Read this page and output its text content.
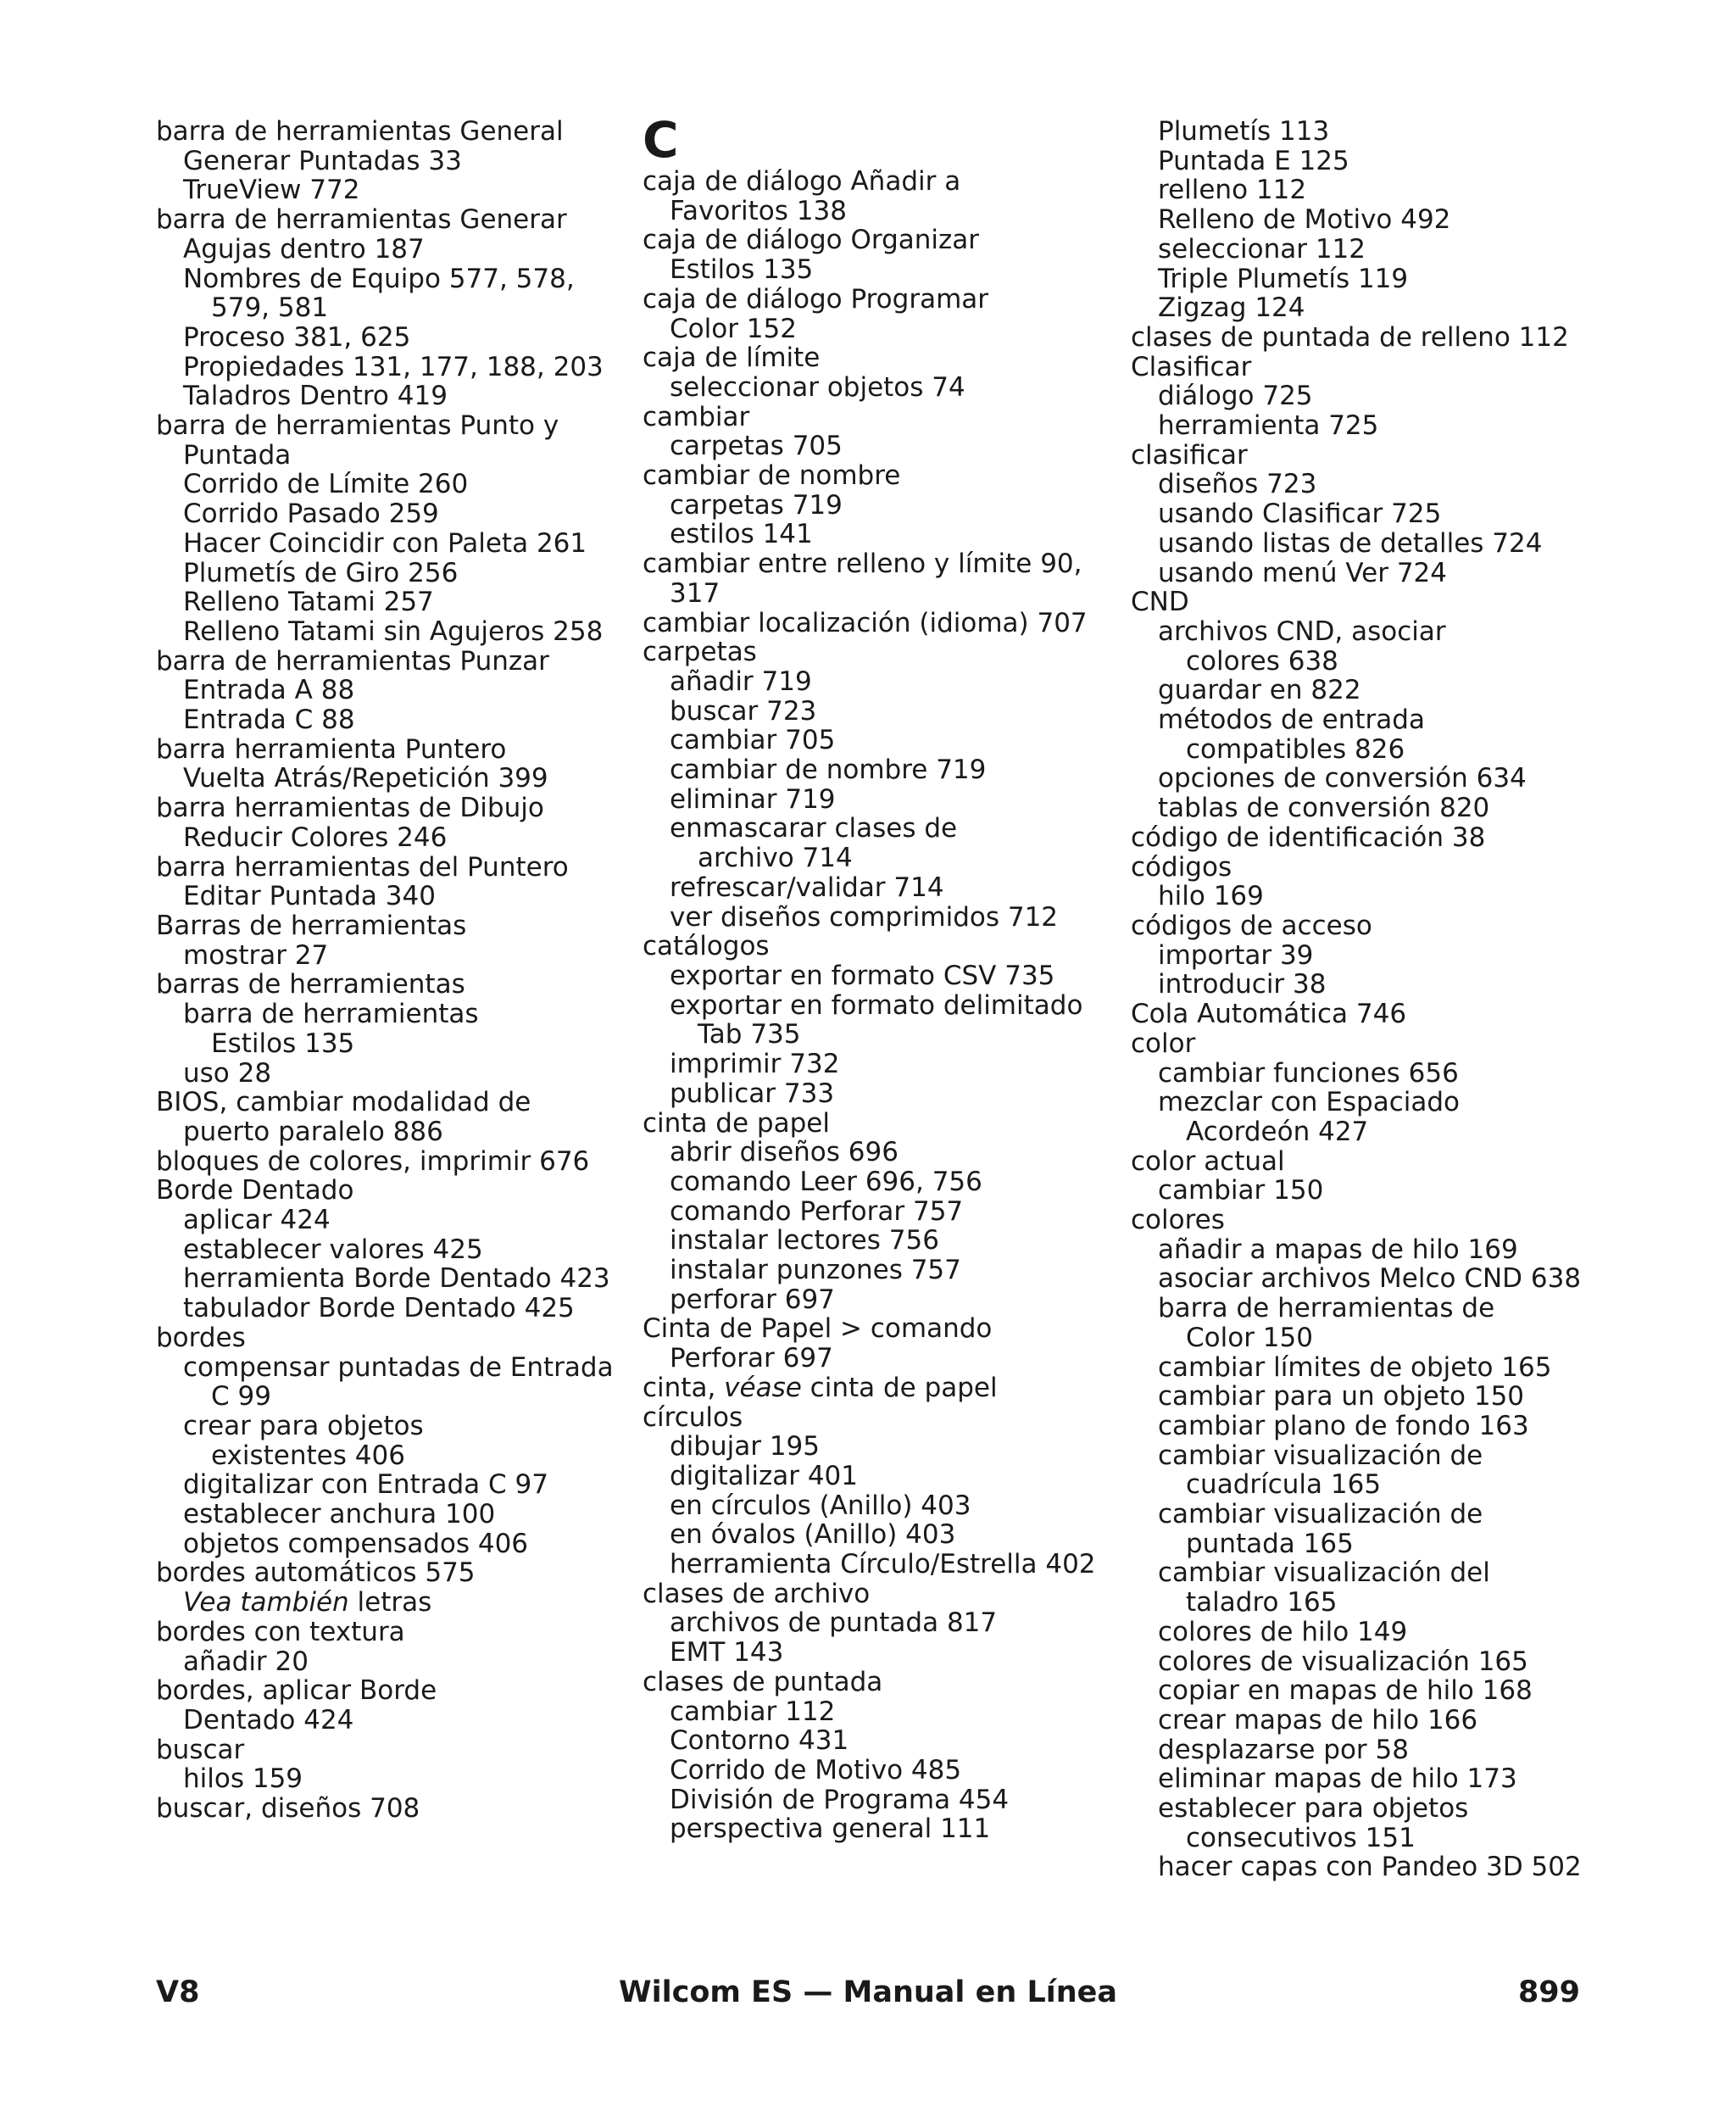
barra de herramientas General
Generar Puntadas 33
TrueView 772
barra de herramientas Generar
Agujas dentro 187
Nombres de Equipo 577, 578,
579, 581
Proceso 381, 625
Propiedades 131, 177, 188, 203
Taladros Dentro 419
barra de herramientas Punto y
Puntada
Corrido de Límite 260
Corrido Pasado 259
Hacer Coincidir con Paleta 261
Plumetís de Giro 256
Relleno Tatami 257
Relleno Tatami sin Agujeros 258
barra de herramientas Punzar
Entrada A 88
Entrada C 88
barra herramienta Puntero
Vuelta Atrás/Repetición 399
barra herramientas de Dibujo
Reducir Colores 246
barra herramientas del Puntero
Editar Puntada 340
Barras de herramientas
mostrar 27
barras de herramientas
barra de herramientas
Estilos 135
uso 28
BIOS, cambiar modalidad de
puerto paralelo 886
bloques de colores, imprimir 676
Borde Dentado
aplicar 424
establecer valores 425
herramienta Borde Dentado 423
tabulador Borde Dentado 425
bordes
compensar puntadas de Entrada
C 99
crear para objetos
existentes 406
digitalizar con Entrada C 97
establecer anchura 100
objetos compensados 406
bordes automáticos 575
Vea también letras
bordes con textura
añadir 20
bordes, aplicar Borde
Dentado 424
buscar
hilos 159
buscar, diseños 708
C
caja de diálogo Añadir a
Favoritos 138
caja de diálogo Organizar
Estilos 135
caja de diálogo Programar
Color 152
caja de límite
seleccionar objetos 74
cambiar
carpetas 705
cambiar de nombre
carpetas 719
estilos 141
cambiar entre relleno y límite 90,
317
cambiar localización (idioma) 707
carpetas
añadir 719
buscar 723
cambiar 705
cambiar de nombre 719
eliminar 719
enmascarar clases de
archivo 714
refrescar/validar 714
ver diseños comprimidos 712
catálogos
exportar en formato CSV 735
exportar en formato delimitado
Tab 735
imprimir 732
publicar 733
cinta de papel
abrir diseños 696
comando Leer 696, 756
comando Perforar 757
instalar lectores 756
instalar punzones 757
perforar 697
Cinta de Papel > comando
Perforar 697
cinta, véase cinta de papel
círculos
dibujar 195
digitalizar 401
en círculos (Anillo) 403
en óvalos (Anillo) 403
herramienta Círculo/Estrella 402
clases de archivo
archivos de puntada 817
EMT 143
clases de puntada
cambiar 112
Contorno 431
Corrido de Motivo 485
División de Programa 454
perspectiva general 111
Plumetís 113
Puntada E 125
relleno 112
Relleno de Motivo 492
seleccionar 112
Triple Plumetís 119
Zigzag 124
clases de puntada de relleno 112
Clasificar
diálogo 725
herramienta 725
clasificar
diseños 723
usando Clasificar 725
usando listas de detalles 724
usando menú Ver 724
CND
archivos CND, asociar
colores 638
guardar en 822
métodos de entrada
compatibles 826
opciones de conversión 634
tablas de conversión 820
código de identificación 38
códigos
hilo 169
códigos de acceso
importar 39
introducir 38
Cola Automática 746
color
cambiar funciones 656
mezclar con Espaciado
Acordeón 427
color actual
cambiar 150
colores
añadir a mapas de hilo 169
asociar archivos Melco CND 638
barra de herramientas de
Color 150
cambiar límites de objeto 165
cambiar para un objeto 150
cambiar plano de fondo 163
cambiar visualización de
cuadrícula 165
cambiar visualización de
puntada 165
cambiar visualización del
taladro 165
colores de hilo 149
colores de visualización 165
copiar en mapas de hilo 168
crear mapas de hilo 166
desplazarse por 58
eliminar mapas de hilo 173
establecer para objetos
consecutivos 151
hacer capas con Pandeo 3D 502
V8	Wilcom ES — Manual en Línea	899
